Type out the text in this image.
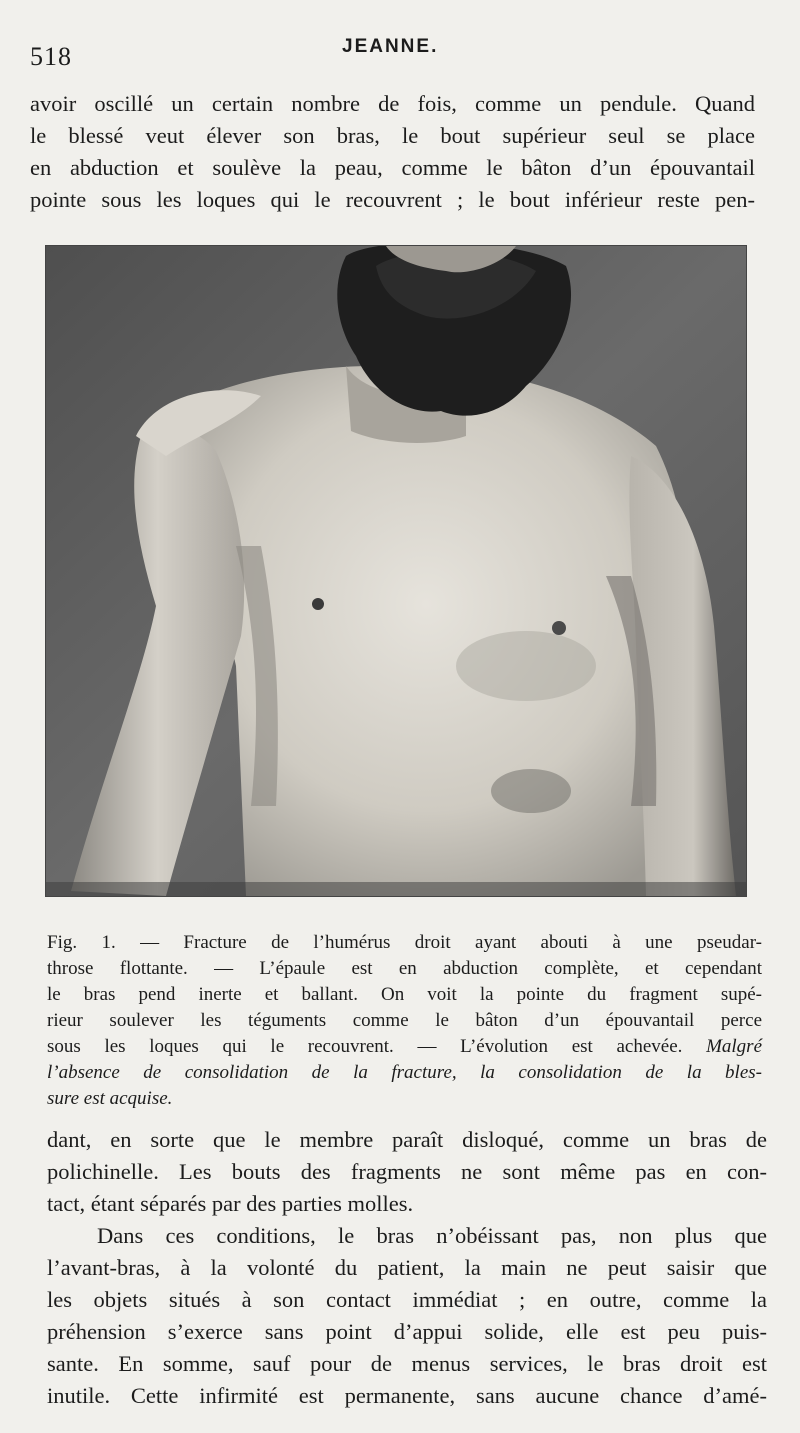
518	JEANNE.
avoir oscillé un certain nombre de fois, comme un pendule. Quand
le blessé veut élever son bras, le bout supérieur seul se place
en abduction et soulève la peau, comme le bâton d’un épouvantail
pointe sous les loques qui le recouvrent ; le bout inférieur reste pen-
Fig. 1. — Fracture de l’humérus droit ayant abouti à une pseudar-
throse flottante. — L’épaule est en abduction complète, et cependant
le bras pend inerte et ballant. On voit la pointe du fragment supé-
rieur soulever les téguments comme le bâton d’un épouvantail perce
sous les loques qui le recouvrent. — L’évolution est achevée. Malgré
l’absence de consolidation de la fracture, la consolidation de la bles-
sure est acquise.
dant, en sorte que le membre paraît disloqué, comme un bras de
polichinelle. Les bouts des fragments ne sont même pas en con-
tact, étant séparés par des parties molles.
Dans ces conditions, le bras n’obéissant pas, non plus que
l’avant-bras, à la volonté du patient, la main ne peut saisir que
les objets situés à son contact immédiat ; en outre, comme la
préhension s’exerce sans point d’appui solide, elle est peu puis-
sante. En somme, sauf pour de menus services, le bras droit est
inutile. Cette infirmité est permanente, sans aucune chance d’amé-
